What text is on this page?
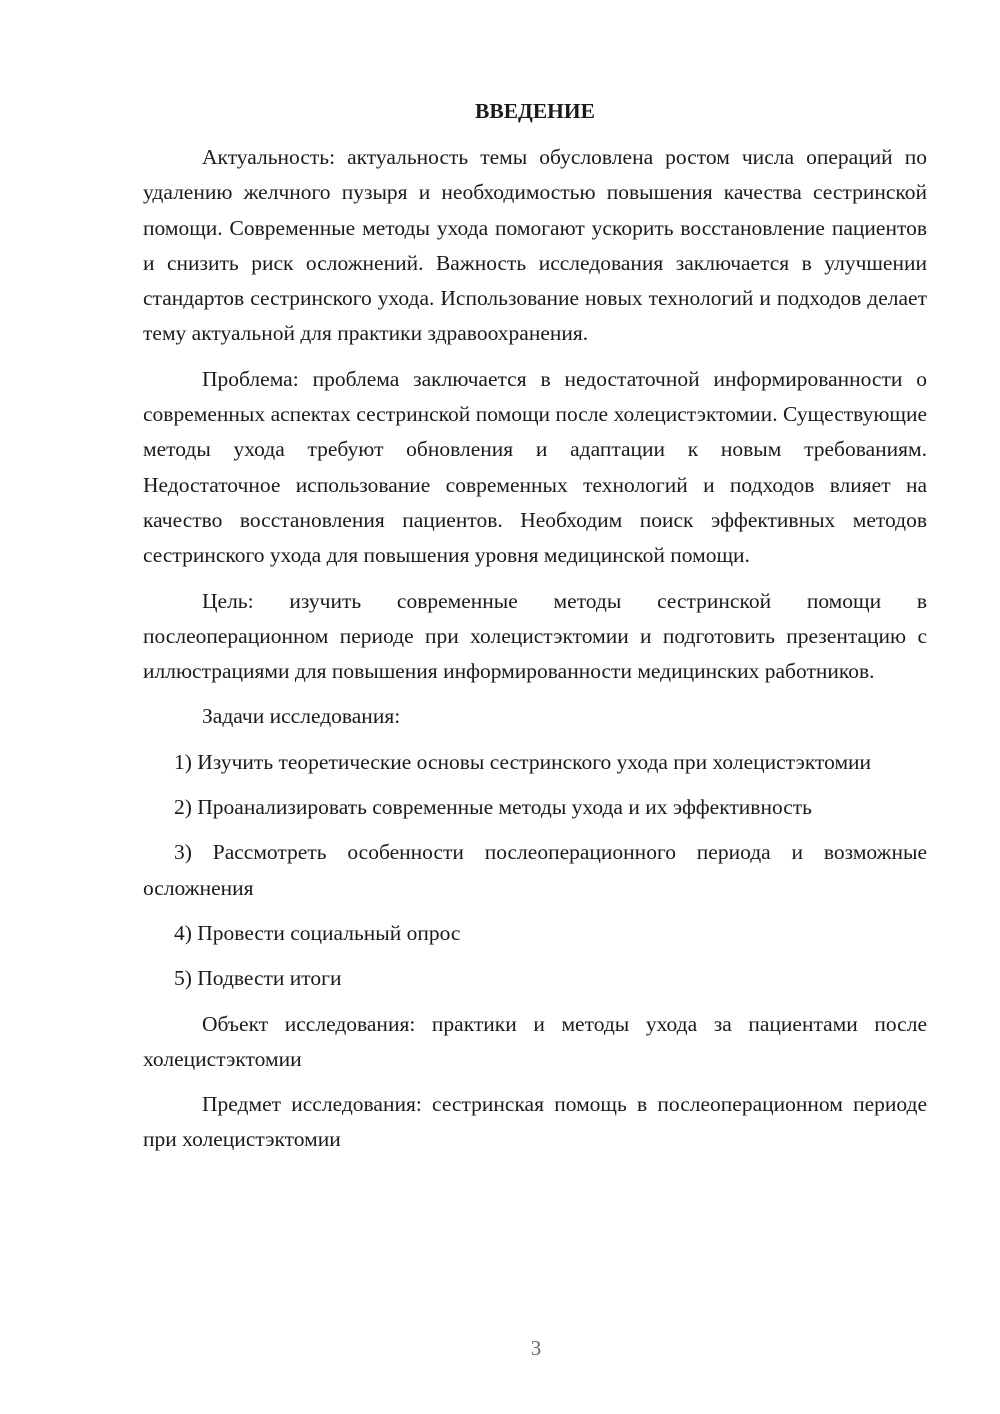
ВВЕДЕНИЕ

Актуальность: актуальность темы обусловлена ростом числа операций по удалению желчного пузыря и необходимостью повышения качества сестринской помощи. Современные методы ухода помогают ускорить восстановление пациентов и снизить риск осложнений. Важность исследования заключается в улучшении стандартов сестринского ухода. Использование новых технологий и подходов делает тему актуальной для практики здравоохранения.

Проблема: проблема заключается в недостаточной информированности о современных аспектах сестринской помощи после холецистэктомии. Существующие методы ухода требуют обновления и адаптации к новым требованиям. Недостаточное использование современных технологий и подходов влияет на качество восстановления пациентов. Необходим поиск эффективных методов сестринского ухода для повышения уровня медицинской помощи.

Цель: изучить современные методы сестринской помощи в послеоперационном периоде при холецистэктомии и подготовить презентацию с иллюстрациями для повышения информированности медицинских работников.

Задачи исследования:

1) Изучить теоретические основы сестринского ухода при холецистэктомии

2) Проанализировать современные методы ухода и их эффективность

3) Рассмотреть особенности послеоперационного периода и возможные осложнения

4) Провести социальный опрос

5) Подвести итоги

Объект исследования: практики и методы ухода за пациентами после холецистэктомии

Предмет исследования: сестринская помощь в послеоперационном периоде при холецистэктомии

3
